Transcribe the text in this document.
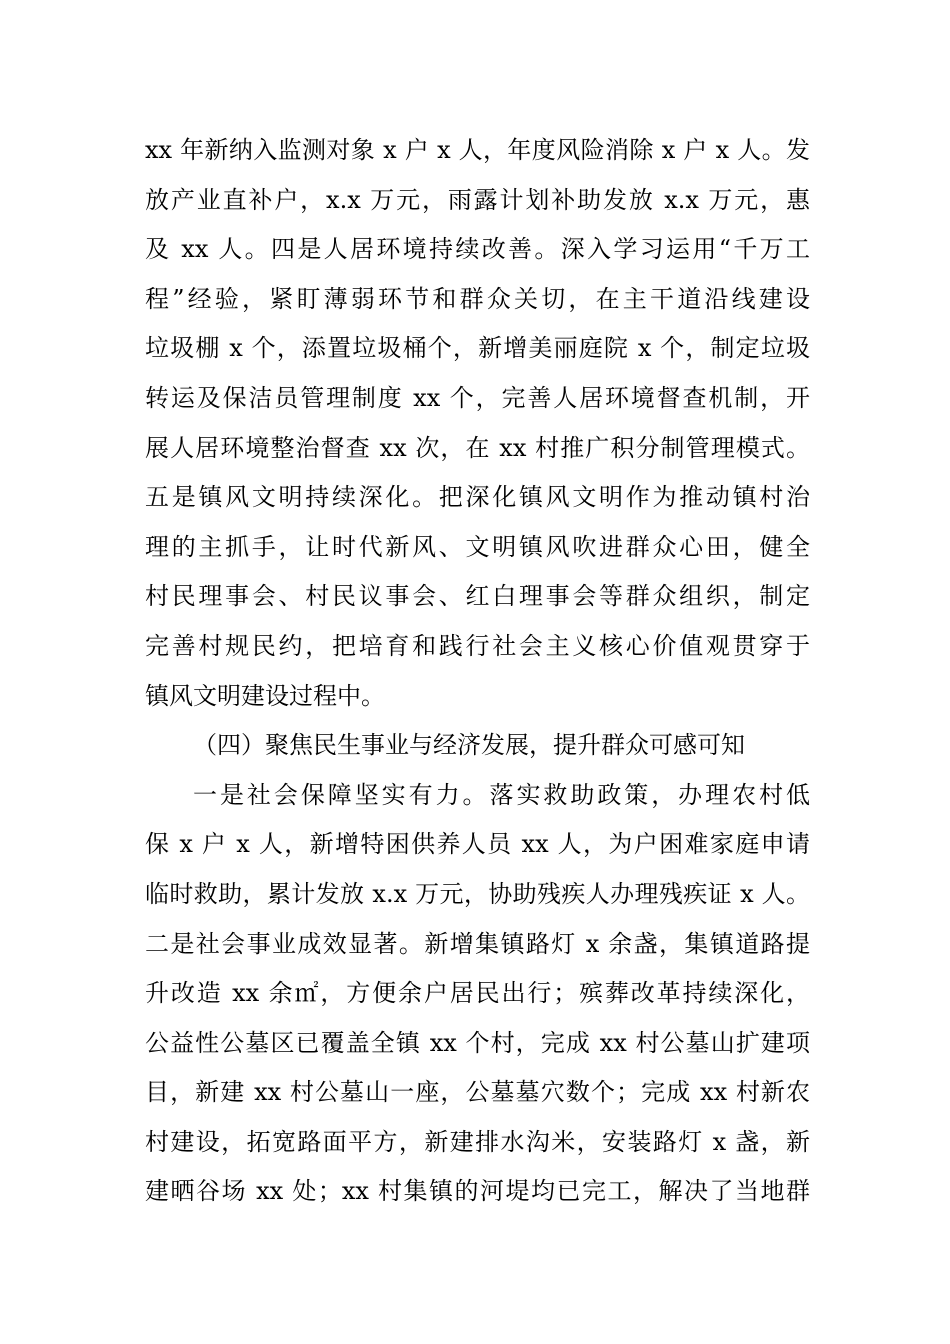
xx 年新纳入监测对象 x 户 x 人，年度风险消除 x 户 x 人。发
放产业直补户，x.x 万元，雨露计划补助发放 x.x 万元，惠
及 xx 人。四是人居环境持续改善。深入学习运用“千万工
程”经验，紧盯薄弱环节和群众关切，在主干道沿线建设
垃圾棚 x 个，添置垃圾桶个，新增美丽庭院 x 个，制定垃圾
转运及保洁员管理制度 xx 个，完善人居环境督查机制，开
展人居环境整治督查 xx 次，在 xx 村推广积分制管理模式。
五是镇风文明持续深化。把深化镇风文明作为推动镇村治
理的主抓手，让时代新风、文明镇风吹进群众心田，健全
村民理事会、村民议事会、红白理事会等群众组织，制定
完善村规民约，把培育和践行社会主义核心价值观贯穿于
镇风文明建设过程中。
（四）聚焦民生事业与经济发展，提升群众可感可知
一是社会保障坚实有力。落实救助政策，办理农村低
保 x 户 x 人，新增特困供养人员 xx 人，为户困难家庭申请
临时救助，累计发放 x.x 万元，协助残疾人办理残疾证 x 人。
二是社会事业成效显著。新增集镇路灯 x 余盏，集镇道路提
升改造 xx 余㎡，方便余户居民出行；殡葬改革持续深化，
公益性公墓区已覆盖全镇 xx 个村，完成 xx 村公墓山扩建项
目，新建 xx 村公墓山一座，公墓墓穴数个；完成 xx 村新农
村建设，拓宽路面平方，新建排水沟米，安装路灯 x 盏，新
建晒谷场 xx 处；xx 村集镇的河堤均已完工，解决了当地群
